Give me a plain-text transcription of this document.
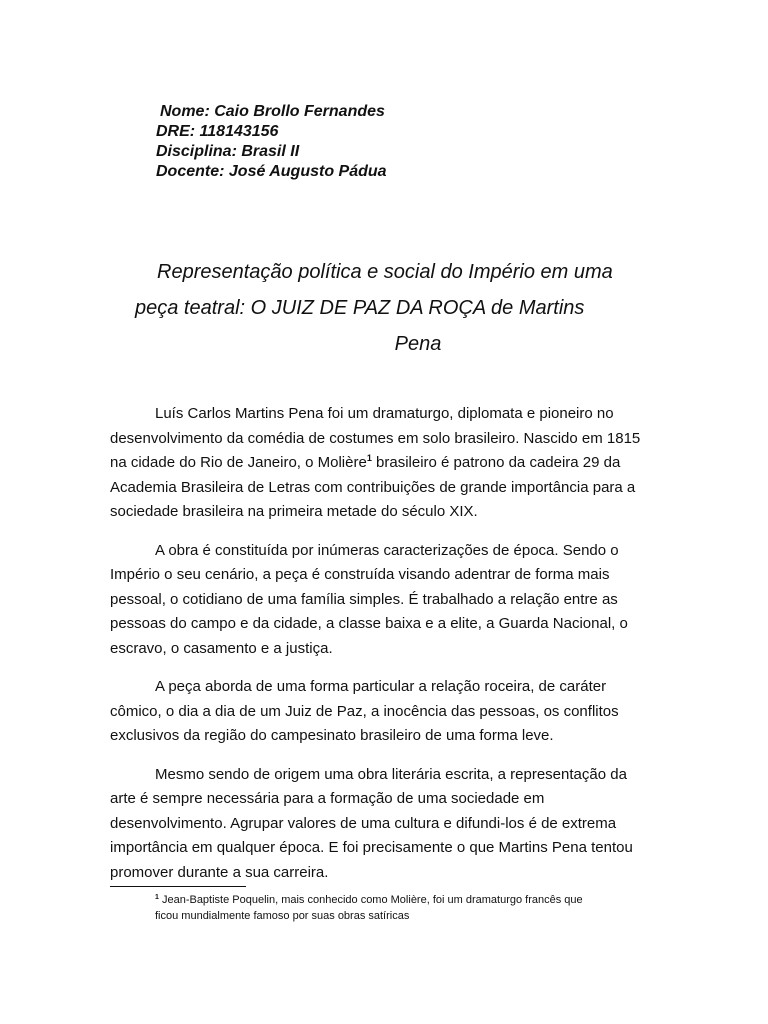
Nome: Caio Brollo Fernandes
DRE: 118143156
Disciplina: Brasil II
Docente: José Augusto Pádua
Representação política e social do Império em uma
peça teatral: O JUIZ DE PAZ DA ROÇA de Martins
Pena

Luís Carlos Martins Pena foi um dramaturgo, diplomata e pioneiro no
desenvolvimento da comédia de costumes em solo brasileiro. Nascido em 1815
na cidade do Rio de Janeiro, o Molière$^1$ brasileiro é patrono da cadeira 29 da
Academia Brasileira de Letras com contribuições de grande importância para a
sociedade brasileira na primeira metade do século XIX.

A obra é constituída por inúmeras caracterizações de época. Sendo o
Império o seu cenário, a peça é construída visando adentrar de forma mais
pessoal, o cotidiano de uma família simples. É trabalhado a relação entre as
pessoas do campo e da cidade, a classe baixa e a elite, a Guarda Nacional, o
escravo, o casamento e a justiça.

A peça aborda de uma forma particular a relação roceira, de caráter
cômico, o dia a dia de um Juiz de Paz, a inocência das pessoas, os conflitos
exclusivos da região do campesinato brasileiro de uma forma leve.

Mesmo sendo de origem uma obra literária escrita, a representação da
arte é sempre necessária para a formação de uma sociedade em
desenvolvimento. Agrupar valores de uma cultura e difundi-los é de extrema
importância em qualquer época. E foi precisamente o que Martins Pena tentou
promover durante a sua carreira.

$^1$ Jean-Baptiste Poquelin, mais conhecido como Molière, foi um dramaturgo francês que
ficou mundialmente famoso por suas obras satíricas
